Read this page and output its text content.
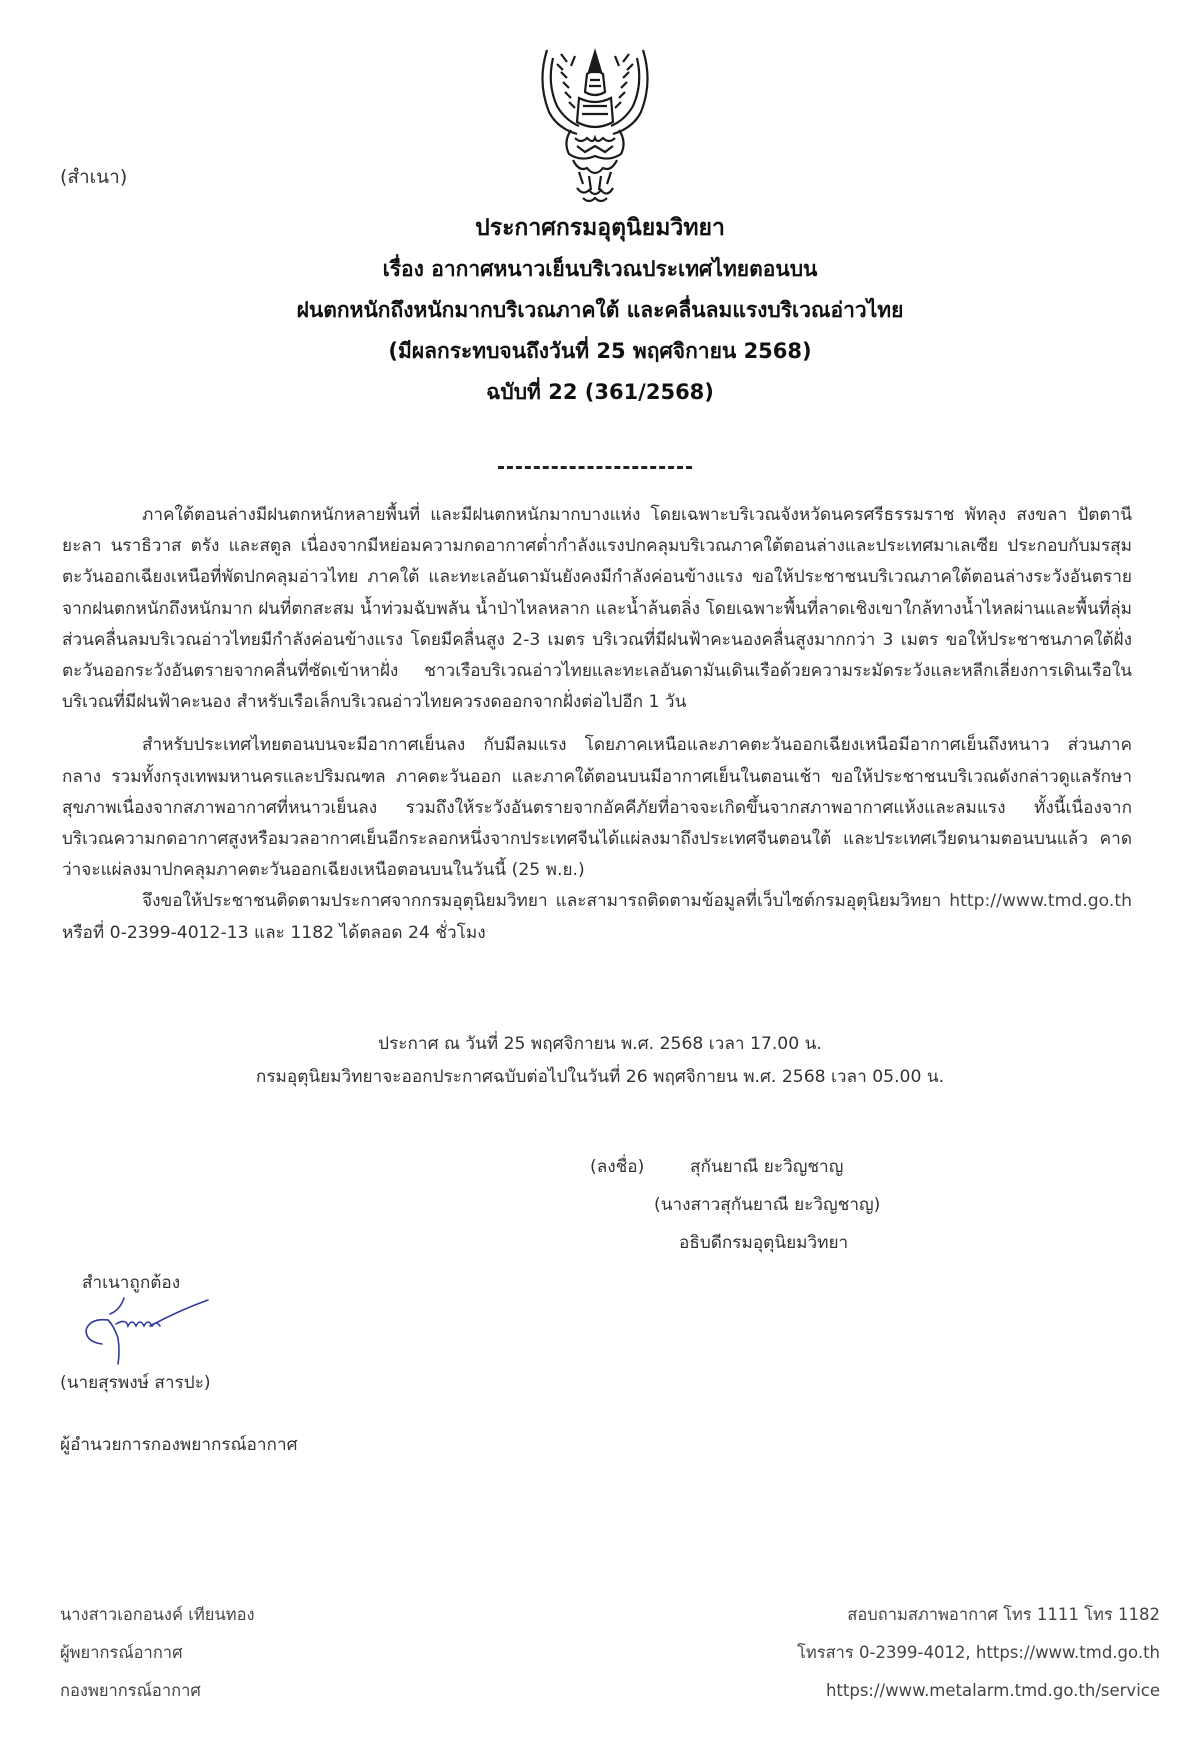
(สำเนา)
ประกาศกรมอุตุนิยมวิทยา
เรื่อง อากาศหนาวเย็นบริเวณประเทศไทยตอนบน
ฝนตกหนักถึงหนักมากบริเวณภาคใต้ และคลื่นลมแรงบริเวณอ่าวไทย
(มีผลกระทบจนถึงวันที่ 25 พฤศจิกายน 2568)
ฉบับที่ 22 (361/2568)

ภาคใต้ตอนล่างมีฝนตกหนักหลายพื้นที่ และมีฝนตกหนักมากบางแห่ง โดยเฉพาะบริเวณจังหวัดนครศรีธรรมราช พัทลุง สงขลา ปัตตานี ยะลา นราธิวาส ตรัง และสตูล เนื่องจากมีหย่อมความกดอากาศต่ำกำลังแรงปกคลุมบริเวณภาคใต้ตอนล่างและประเทศมาเลเซีย ประกอบกับมรสุมตะวันออกเฉียงเหนือที่พัดปกคลุมอ่าวไทย ภาคใต้ และทะเลอันดามันยังคงมีกำลังค่อนข้างแรง ขอให้ประชาชนบริเวณภาคใต้ตอนล่างระวังอันตรายจากฝนตกหนักถึงหนักมาก ฝนที่ตกสะสม น้ำท่วมฉับพลัน น้ำป่าไหลหลาก และน้ำล้นตลิ่ง โดยเฉพาะพื้นที่ลาดเชิงเขาใกล้ทางน้ำไหลผ่านและพื้นที่ลุ่ม ส่วนคลื่นลมบริเวณอ่าวไทยมีกำลังค่อนข้างแรง โดยมีคลื่นสูง 2-3 เมตร บริเวณที่มีฝนฟ้าคะนองคลื่นสูงมากกว่า 3 เมตร ขอให้ประชาชนภาคใต้ฝั่งตะวันออกระวังอันตรายจากคลื่นที่ซัดเข้าหาฝั่ง ชาวเรือบริเวณอ่าวไทยและทะเลอันดามันเดินเรือด้วยความระมัดระวังและหลีกเลี่ยงการเดินเรือในบริเวณที่มีฝนฟ้าคะนอง สำหรับเรือเล็กบริเวณอ่าวไทยควรงดออกจากฝั่งต่อไปอีก 1 วัน

สำหรับประเทศไทยตอนบนจะมีอากาศเย็นลง กับมีลมแรง โดยภาคเหนือและภาคตะวันออกเฉียงเหนือมีอากาศเย็นถึงหนาว ส่วนภาคกลาง รวมทั้งกรุงเทพมหานครและปริมณฑล ภาคตะวันออก และภาคใต้ตอนบนมีอากาศเย็นในตอนเช้า ขอให้ประชาชนบริเวณดังกล่าวดูแลรักษาสุขภาพเนื่องจากสภาพอากาศที่หนาวเย็นลง รวมถึงให้ระวังอันตรายจากอัคคีภัยที่อาจจะเกิดขึ้นจากสภาพอากาศแห้งและลมแรง ทั้งนี้เนื่องจากบริเวณความกดอากาศสูงหรือมวลอากาศเย็นอีกระลอกหนึ่งจากประเทศจีนได้แผ่ลงมาถึงประเทศจีนตอนใต้ และประเทศเวียดนามตอนบนแล้ว คาดว่าจะแผ่ลงมาปกคลุมภาคตะวันออกเฉียงเหนือตอนบนในวันนี้ (25 พ.ย.)

จึงขอให้ประชาชนติดตามประกาศจากกรมอุตุนิยมวิทยา และสามารถติดตามข้อมูลที่เว็บไซต์กรมอุตุนิยมวิทยา http://www.tmd.go.th หรือที่ 0-2399-4012-13 และ 1182 ได้ตลอด 24 ชั่วโมง

ประกาศ ณ วันที่ 25 พฤศจิกายน พ.ศ. 2568 เวลา 17.00 น.
กรมอุตุนิยมวิทยาจะออกประกาศฉบับต่อไปในวันที่ 26 พฤศจิกายน พ.ศ. 2568 เวลา 05.00 น.
(ลงชื่อ)	สุกันยาณี ยะวิญชาญ
(นางสาวสุกันยาณี ยะวิญชาญ)
อธิบดีกรมอุตุนิยมวิทยา
สำเนาถูกต้อง
(นายสุรพงษ์ สารปะ)
ผู้อำนวยการกองพยากรณ์อากาศ
นางสาวเอกอนงค์ เทียนทอง
ผู้พยากรณ์อากาศ
กองพยากรณ์อากาศ
สอบถามสภาพอากาศ โทร 1111 โทร 1182
โทรสาร 0-2399-4012, https://www.tmd.go.th
https://www.metalarm.tmd.go.th/service
